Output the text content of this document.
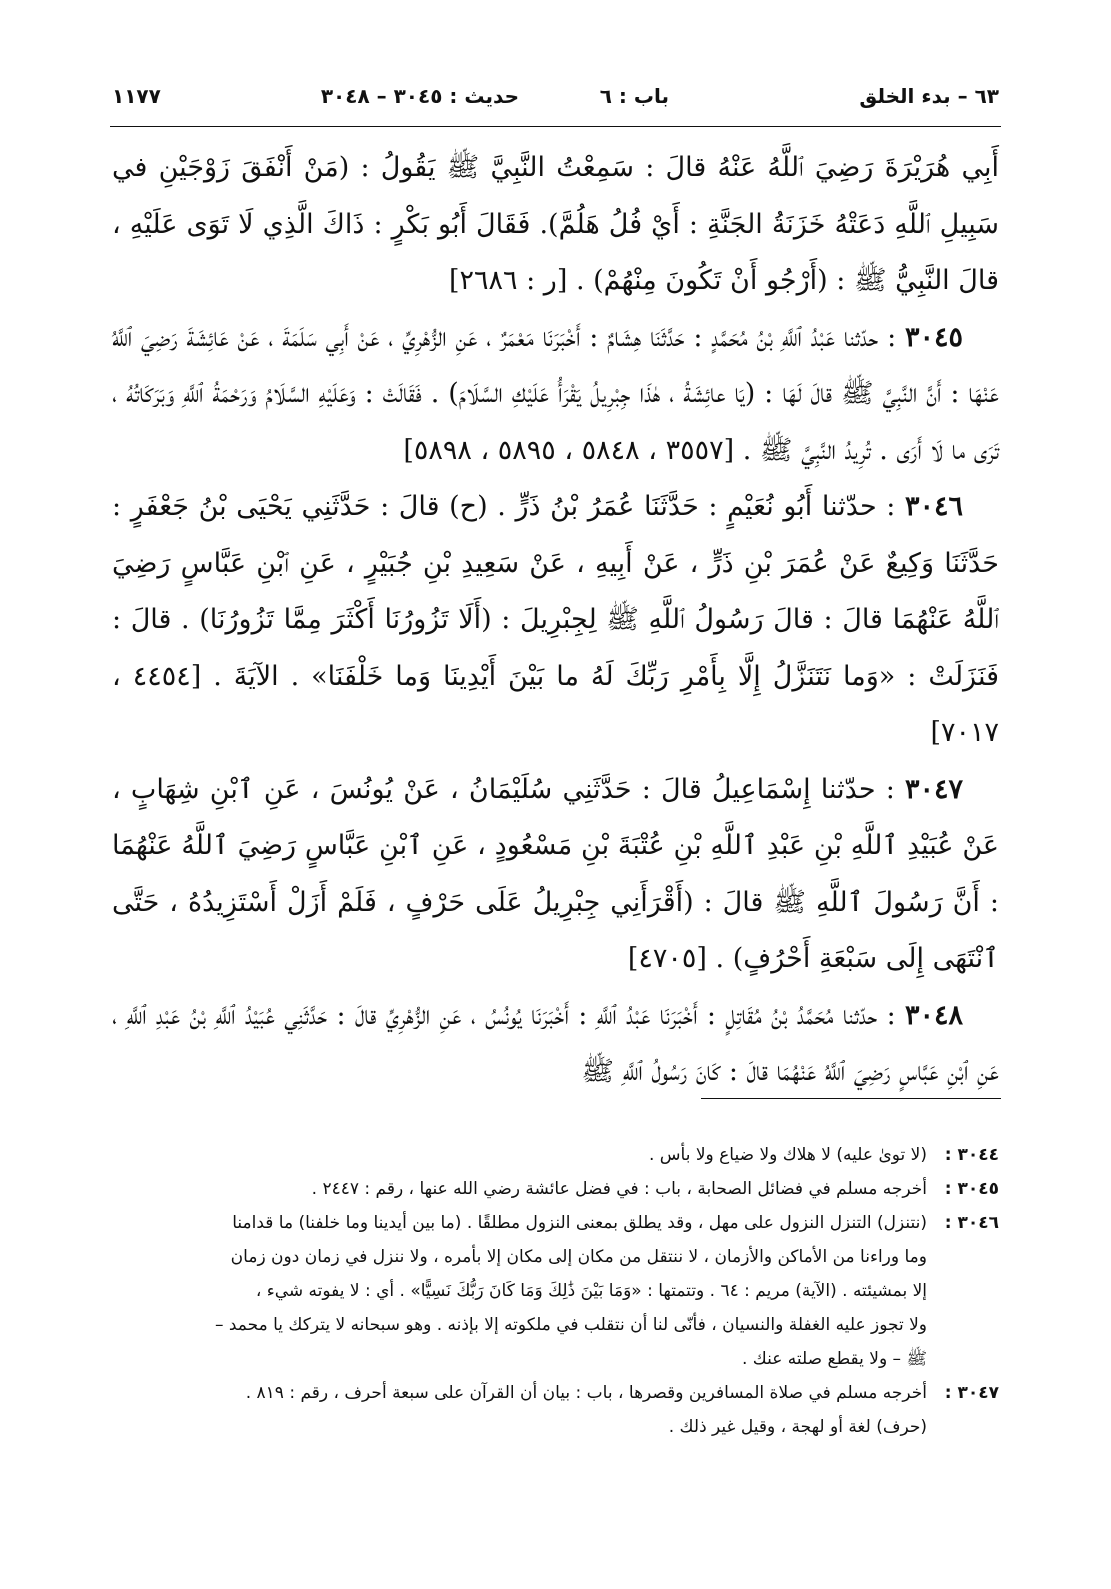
٦٣ – بدء الخلق
باب : ٦
حديث : ٣٠٤٥ – ٣٠٤٨
١١٧٧

أَبِي هُرَيْرَةَ رَضِيَ ٱللَّهُ عَنْهُ قالَ : سَمِعْتُ النَّبِيَّ ﷺ يَقُولُ : (مَنْ أَنْفَقَ زَوْجَيْنِ في سَبِيلِ ٱللَّهِ دَعَتْهُ خَزَنَةُ الجَنَّةِ : أَيْ فُلُ هَلُمَّ). فَقَالَ أَبُو بَكْرٍ : ذَاكَ الَّذِي لَا تَوَى عَلَيْهِ ، قالَ النَّبِيُّ ﷺ : (أَرْجُو أَنْ تَكُونَ مِنْهُمْ) . [ر : ٢٦٨٦]

٣٠٤٥ : حدّثنا عَبْدُ ٱللَّهِ بْنُ مُحَمَّدٍ : حَدَّثَنَا هِشَامٌ : أَخْبَرَنَا مَعْمَرٌ ، عَنِ الزُّهْرِيِّ ، عَنْ أَبِي سَلَمَةَ ، عَنْ عَائِشَةَ رَضِيَ ٱللَّهُ عَنْهَا : أَنَّ النَّبِيَّ ﷺ قالَ لَهَا : (يَا عائِشَةُ ، هٰذَا جِبْرِيلُ يَقْرَأُ عَلَيْكِ السَّلَامَ) . فَقَالَتْ : وَعَلَيْهِ السَّلَامُ وَرَحْمَةُ ٱللَّهِ وَبَرَكَاتُهُ ، تَرَى ما لَا أَرَى . تُرِيدُ النَّبِيَّ ﷺ . [٣٥٥٧ ، ٥٨٤٨ ، ٥٨٩٥ ، ٥٨٩٨]

٣٠٤٦ : حدّثنا أَبُو نُعَيْمٍ : حَدَّثَنَا عُمَرُ بْنُ ذَرٍّ . (ح) قالَ : حَدَّثَنِي يَحْيَى بْنُ جَعْفَرٍ : حَدَّثَنَا وَكِيعٌ عَنْ عُمَرَ بْنِ ذَرٍّ ، عَنْ أَبِيهِ ، عَنْ سَعِيدِ بْنِ جُبَيْرٍ ، عَنِ ٱبْنِ عَبَّاسٍ رَضِيَ ٱللَّهُ عَنْهُمَا قالَ : قالَ رَسُولُ ٱللَّهِ ﷺ لِجِبْرِيلَ : (أَلَا تَزُورُنَا أَكْثَرَ مِمَّا تَزُورُنَا) . قالَ : فَنَزَلَتْ : «وَما نَتَنَزَّلُ إِلَّا بِأَمْرِ رَبِّكَ لَهُ ما بَيْنَ أَيْدِينَا وَما خَلْفَنَا» . الآيَةَ . [٤٤٥٤ ، ٧٠١٧]

٣٠٤٧ : حدّثنا إِسْمَاعِيلُ قالَ : حَدَّثَنِي سُلَيْمَانُ ، عَنْ يُونُسَ ، عَنِ ٱبْنِ شِهَابٍ ، عَنْ عُبَيْدِ ٱللَّهِ بْنِ عَبْدِ ٱللَّهِ بْنِ عُتْبَةَ بْنِ مَسْعُودٍ ، عَنِ ٱبْنِ عَبَّاسٍ رَضِيَ ٱللَّهُ عَنْهُمَا : أَنَّ رَسُولَ ٱللَّهِ ﷺ قالَ : (أَقْرَأَنِي جِبْرِيلُ عَلَى حَرْفٍ ، فَلَمْ أَزَلْ أَسْتَزِيدُهُ ، حَتَّى ٱنْتَهَى إِلَى سَبْعَةِ أَحْرُفٍ) . [٤٧٠٥]

٣٠٤٨ : حدّثنا مُحَمَّدُ بْنُ مُقَاتِلٍ : أَخْبَرَنَا عَبْدُ ٱللَّهِ : أَخْبَرَنَا يُونُسُ ، عَنِ الزُّهْرِيِّ قالَ : حَدَّثَنِي عُبَيْدُ ٱللَّهِ بْنُ عَبْدِ ٱللَّهِ ، عَنِ ٱبْنِ عَبَّاسٍ رَضِيَ ٱللَّهُ عَنْهُمَا قالَ : كَانَ رَسُولُ ٱللَّهِ ﷺ

٣٠٤٤ :
(لا توىٰ عليه) لا هلاك ولا ضياع ولا بأس .
٣٠٤٥ :
أخرجه مسلم في فضائل الصحابة ، باب : في فضل عائشة رضي الله عنها ، رقم : ٢٤٤٧ .
٣٠٤٦ :
(نتنزل) التنزل النزول على مهل ، وقد يطلق بمعنى النزول مطلقًا . (ما بين أيدينا وما خلفنا) ما قدامنا
وما وراءنا من الأماكن والأزمان ، لا ننتقل من مكان إلى مكان إلا بأمره ، ولا ننزل في زمان دون زمان
إلا بمشيئته . (الآية) مريم : ٦٤ . وتتمتها : «وَمَا بَيْنَ ذَٰلِكَ وَمَا كَانَ رَبُّكَ نَسِيًّا» . أي : لا يفوته شيء ،
ولا تجوز عليه الغفلة والنسيان ، فأنّى لنا أن نتقلب في ملكوته إلا بإذنه . وهو سبحانه لا يتركك يا محمد –
ﷺ – ولا يقطع صلته عنك .
٣٠٤٧ :
أخرجه مسلم في صلاة المسافرين وقصرها ، باب : بيان أن القرآن على سبعة أحرف ، رقم : ٨١٩ .
(حرف) لغة أو لهجة ، وقيل غير ذلك .
